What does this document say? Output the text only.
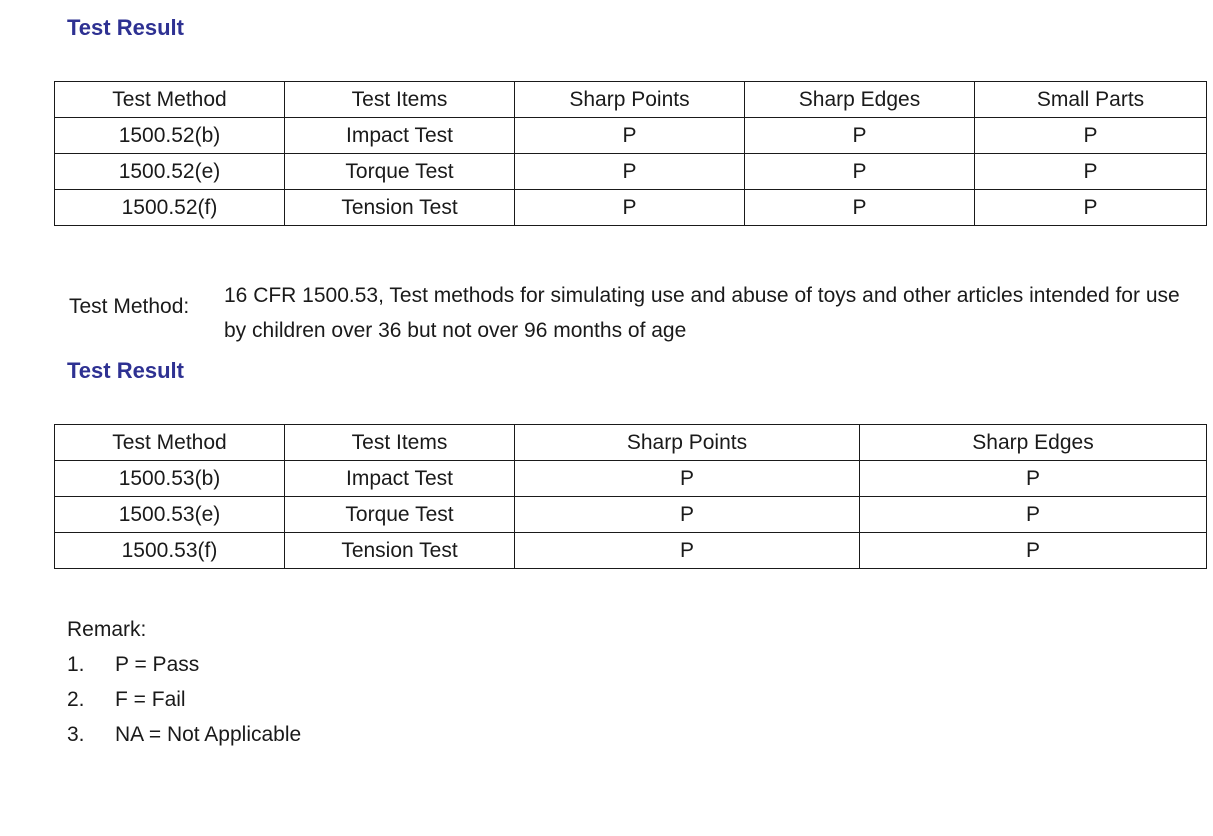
Test Result
Test Method	Test Items	Sharp Points	Sharp Edges	Small Parts
1500.52(b)	Impact Test	P	P	P
1500.52(e)	Torque Test	P	P	P
1500.52(f)	Tension Test	P	P	P
Test Method: 16 CFR 1500.53, Test methods for simulating use and abuse of toys and other articles intended for use by children over 36 but not over 96 months of age
Test Result
Test Method	Test Items	Sharp Points	Sharp Edges
1500.53(b)	Impact Test	P	P
1500.53(e)	Torque Test	P	P
1500.53(f)	Tension Test	P	P
Remark:
1.	P = Pass
2.	F = Fail
3.	NA = Not Applicable
